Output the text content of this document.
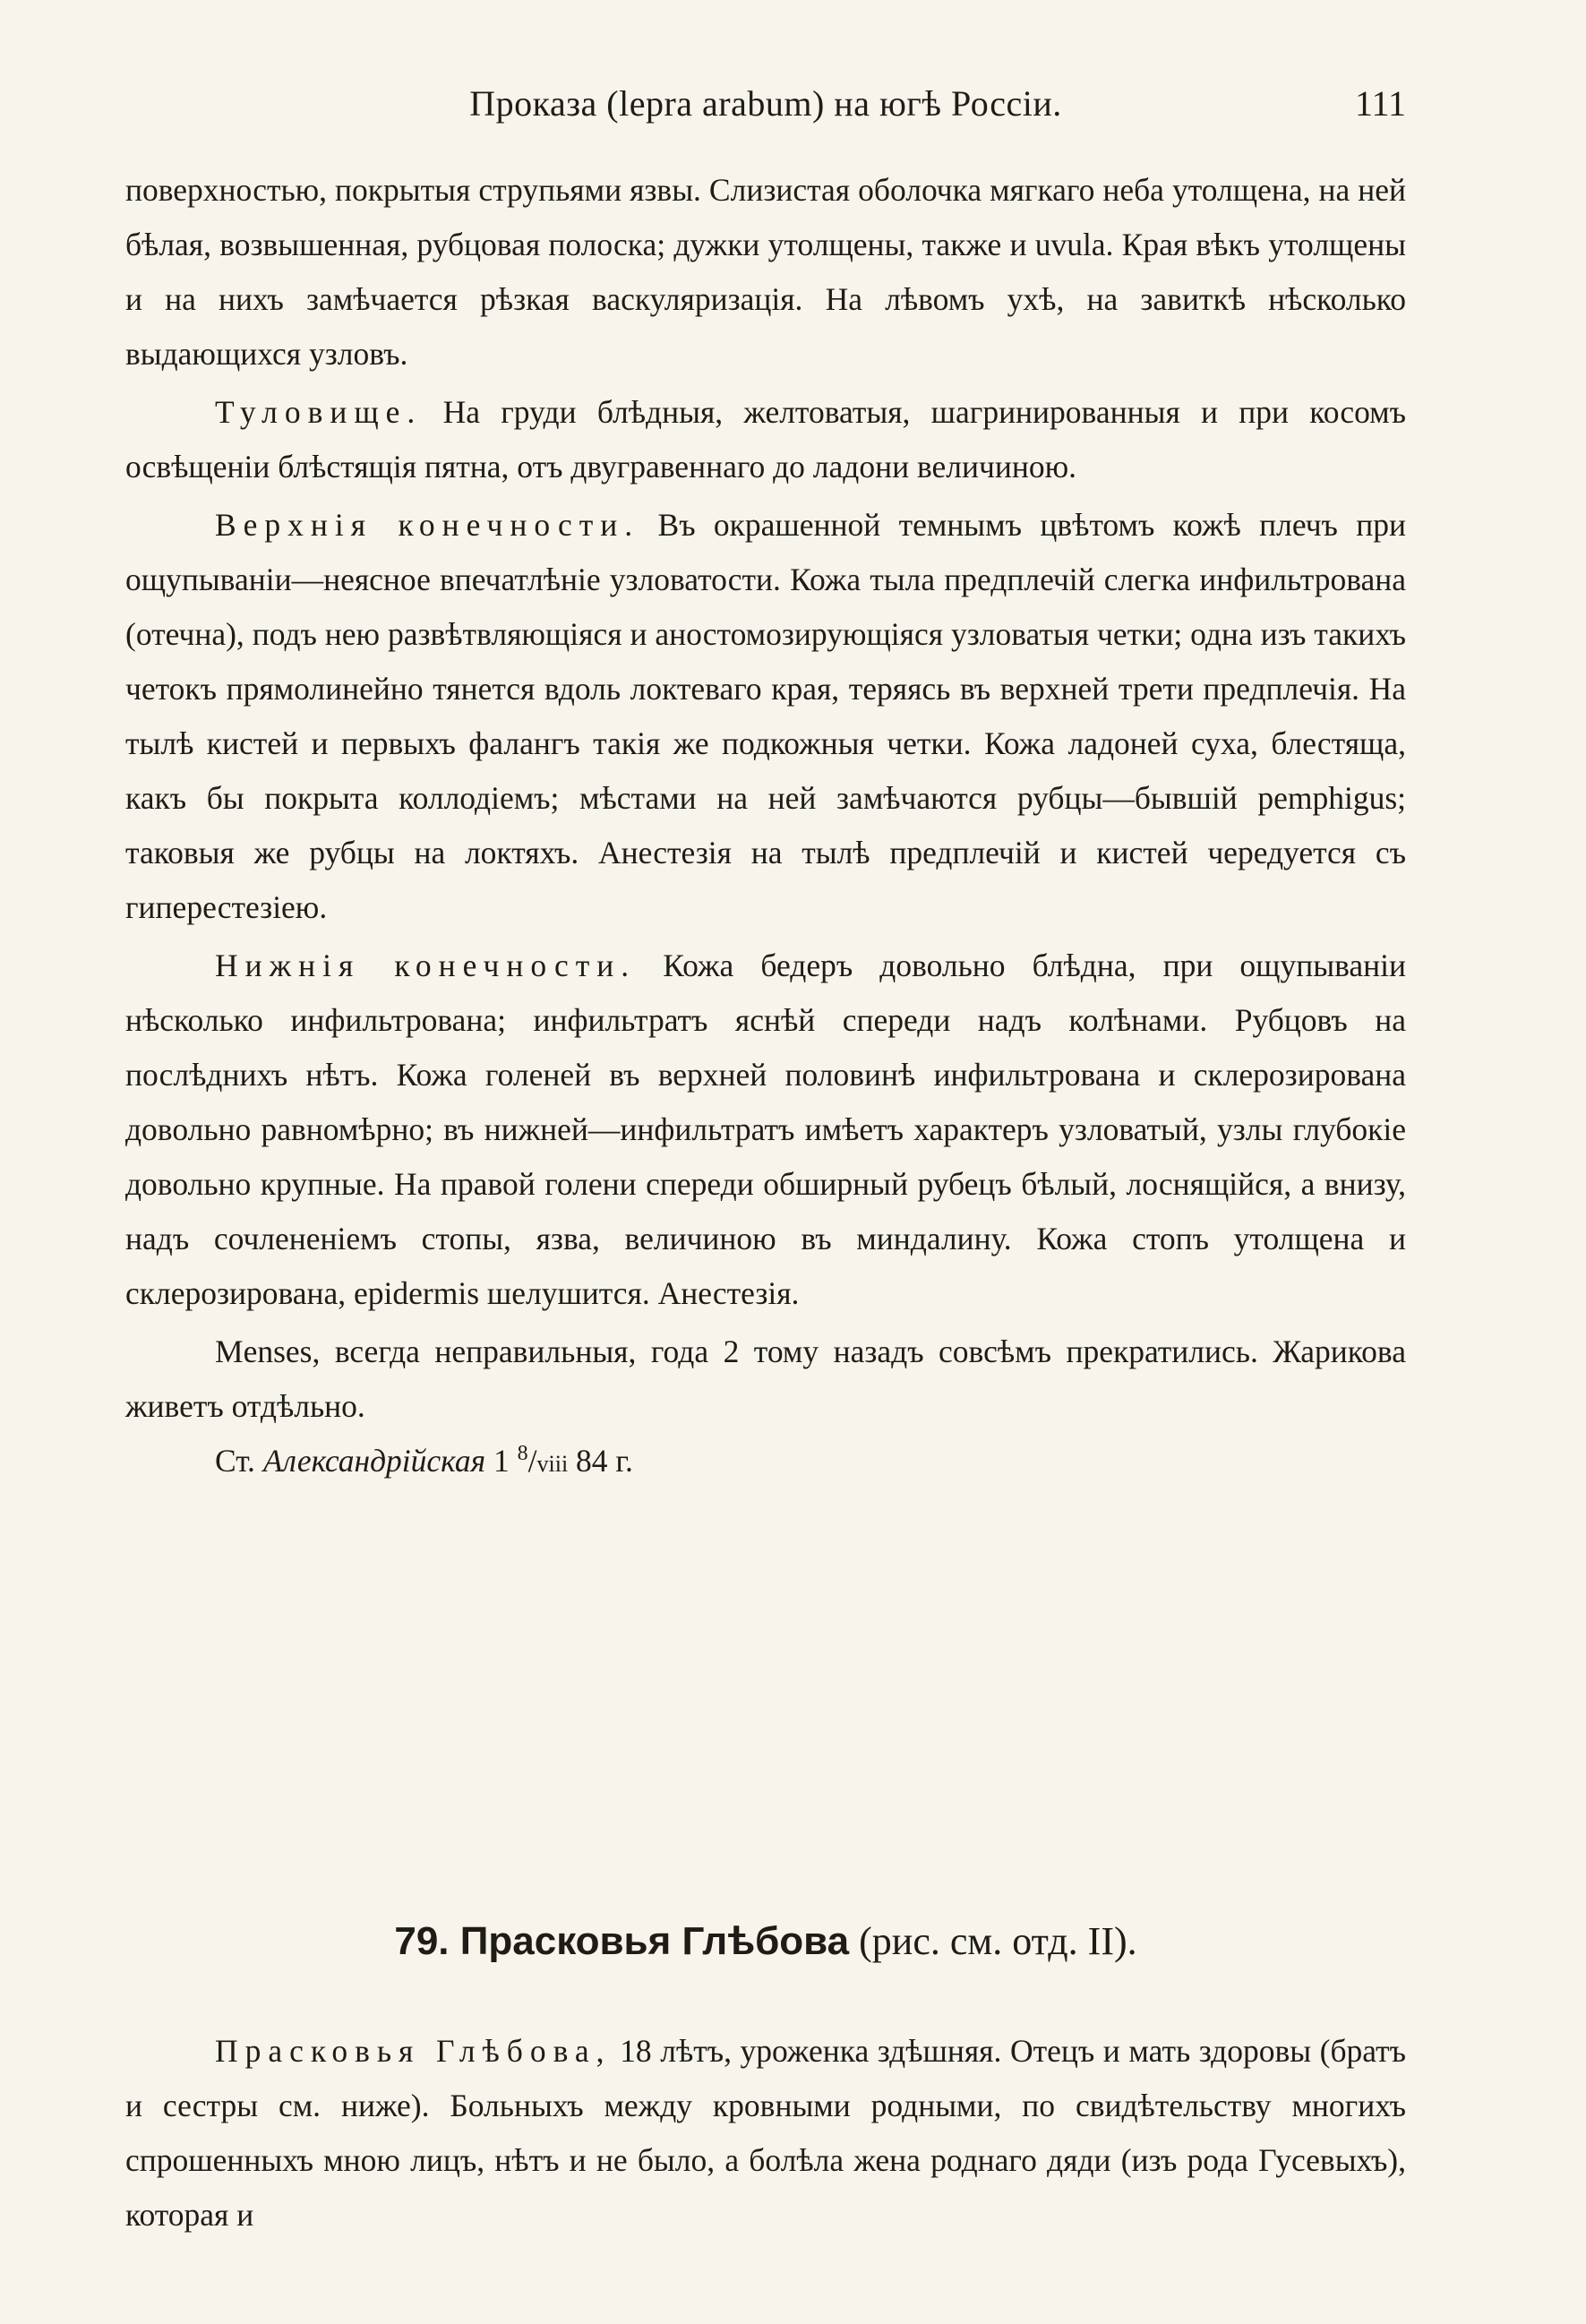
Проказа (lepra arabum) на югѣ Россіи.	111

поверхностью, покрытыя струпьями язвы. Слизистая оболочка мягкаго неба утолщена, на ней бѣлая, возвышенная, рубцовая полоска; дужки утолщены, также и uvula. Края вѣкъ утолщены и на нихъ замѣчается рѣзкая васкуляризація. На лѣвомъ ухѣ, на завиткѣ нѣсколько выдающихся узловъ.

Туловище. На груди блѣдныя, желтоватыя, шагринированныя и при косомъ освѣщеніи блѣстящія пятна, отъ двугравеннаго до ладони величиною.

Верхнія конечности. Въ окрашенной темнымъ цвѣтомъ кожѣ плечъ при ощупываніи—неясное впечатлѣніе узловатости. Кожа тыла предплечій слегка инфильтрована (отечна), подъ нею развѣтвляющіяся и аностомозирующіяся узловатыя четки; одна изъ такихъ четокъ прямолинейно тянется вдоль локтеваго края, теряясь въ верхней трети предплечія. На тылѣ кистей и первыхъ фалангъ такія же подкожныя четки. Кожа ладоней суха, блестяща, какъ бы покрыта коллодіемъ; мѣстами на ней замѣчаются рубцы—бывшій pemphigus; таковыя же рубцы на локтяхъ. Анестезія на тылѣ предплечій и кистей чередуется съ гиперестезіею.

Нижнія конечности. Кожа бедеръ довольно блѣдна, при ощупываніи нѣсколько инфильтрована; инфильтратъ яснѣй спереди надъ колѣнами. Рубцовъ на послѣднихъ нѣтъ. Кожа голеней въ верхней половинѣ инфильтрована и склерозирована довольно равномѣрно; въ нижней—инфильтратъ имѣетъ характеръ узловатый, узлы глубокіе довольно крупные. На правой голени спереди обширный рубецъ бѣлый, лоснящійся, а внизу, надъ сочлененіемъ стопы, язва, величиною въ миндалину. Кожа стопъ утолщена и склерозирована, epidermis шелушится. Анестезія.

Menses, всегда неправильныя, года 2 тому назадъ совсѣмъ прекратились. Жарикова живетъ отдѣльно.

Ст. Александрійская 1 $^8$/viii 84 г.

79. Прасковья Глѣбова (рис. см. отд. II).

Прасковья Глѣбова, 18 лѣтъ, уроженка здѣшняя. Отецъ и мать здоровы (братъ и сестры см. ниже). Больныхъ между кровными родными, по свидѣтельству многихъ спрошенныхъ мною лицъ, нѣтъ и не было, а болѣла жена роднаго дяди (изъ рода Гусевыхъ), которая и
